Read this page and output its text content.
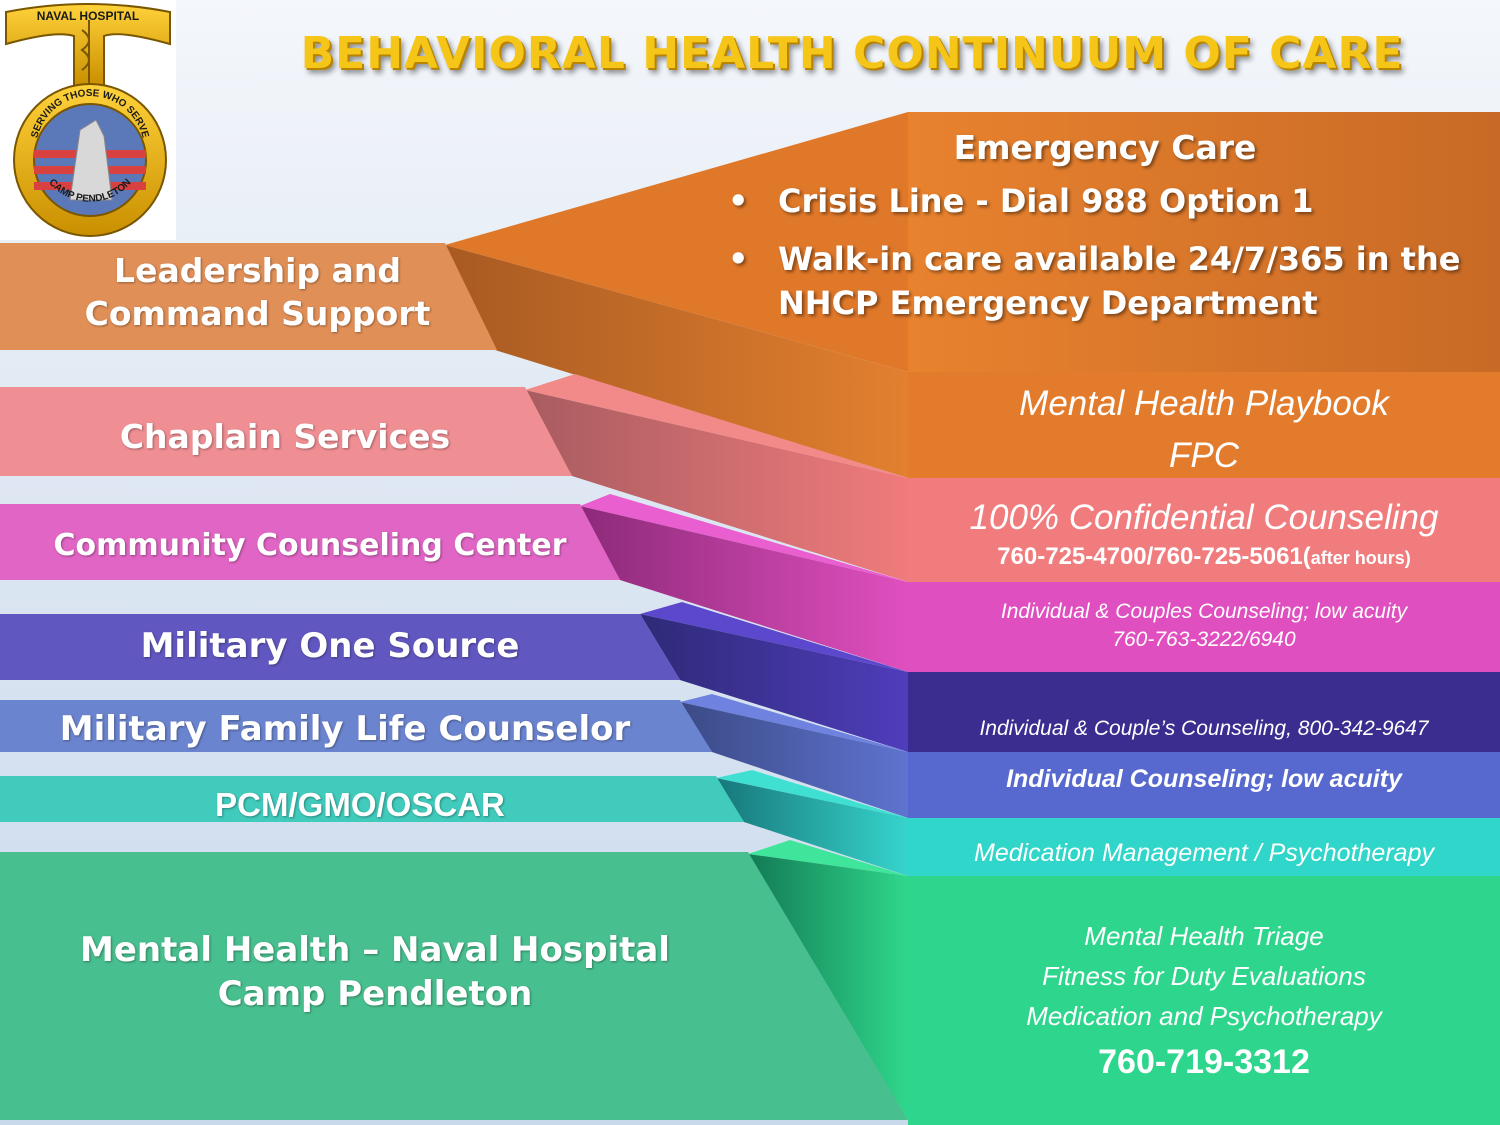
NAVAL HOSPITAL
SERVING THOSE WHO SERVE
CAMP PENDLETON
BEHAVIORAL HEALTH CONTINUUM OF CARE
Emergency Care
• Crisis Line - Dial 988 Option 1
• Walk-in care available 24/7/365 in the NHCP Emergency Department
Leadership and Command Support
Chaplain Services
Community Counseling Center
Military One Source
Military Family Life Counselor
PCM/GMO/OSCAR
Mental Health – Naval Hospital Camp Pendleton
Mental Health Playbook
FPC
100% Confidential Counseling
760-725-4700/760-725-5061(after hours)
Individual & Couples Counseling; low acuity
760-763-3222/6940
Individual & Couple’s Counseling, 800-342-9647
Individual Counseling; low acuity
Medication Management / Psychotherapy
Mental Health Triage
Fitness for Duty Evaluations
Medication and Psychotherapy
760-719-3312
